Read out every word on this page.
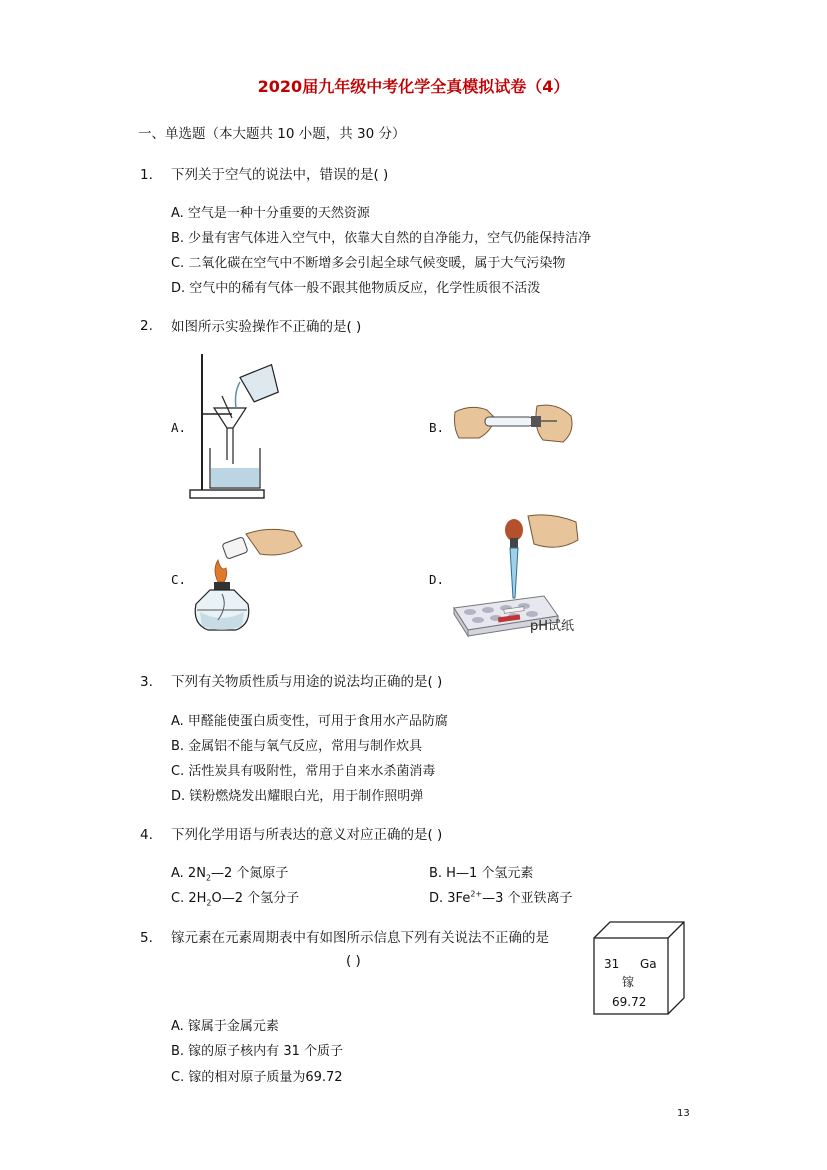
2020届九年级中考化学全真模拟试卷（4）
一、单选题（本大题共 10 小题，共 30 分）
1. 下列关于空气的说法中，错误的是( )
A. 空气是一种十分重要的天然资源
B. 少量有害气体进入空气中，依靠大自然的自净能力，空气仍能保持洁净
C. 二氧化碳在空气中不断增多会引起全球气候变暖，属于大气污染物
D. 空气中的稀有气体一般不跟其他物质反应，化学性质很不活泼
2. 如图所示实验操作不正确的是( )
A.	B.
C.	D.
pH试纸
3. 下列有关物质性质与用途的说法均正确的是( )
A. 甲醛能使蛋白质变性，可用于食用水产品防腐
B. 金属铝不能与氧气反应，常用与制作炊具
C. 活性炭具有吸附性，常用于自来水杀菌消毒
D. 镁粉燃烧发出耀眼白光，用于制作照明弹
4. 下列化学用语与所表达的意义对应正确的是( )
A. $2N_2—2$ 个氮原子	B. H—1 个氢元素
C. $2H_2O—2$ 个氢分子	D. $3Fe^{2+}—3$ 个亚铁离子
5. 镓元素在元素周期表中有如图所示信息下列有关说法不正确的是
( )	31 Ga
镓
69.72
A. 镓属于金属元素
B. 镓的原子核内有 31 个质子
C. 镓的相对原子质量为69.72
13
